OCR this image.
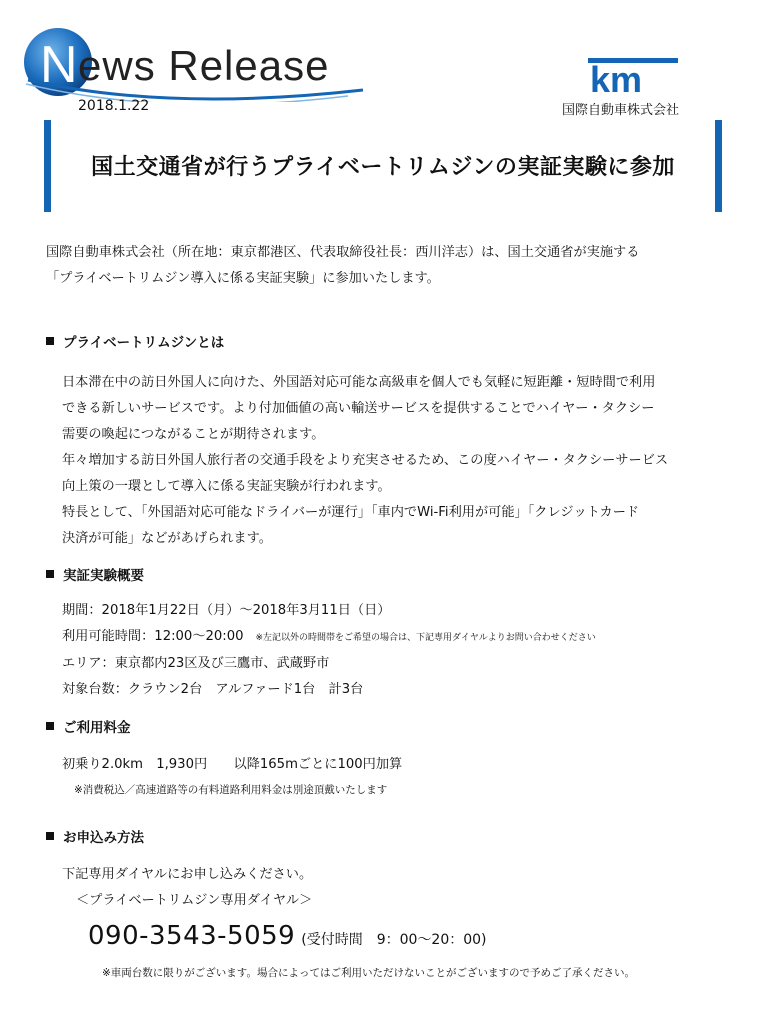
N ews Release
2018.1.22
km
国際自動車株式会社
国土交通省が行うプライベートリムジンの実証実験に参加
国際自動車株式会社（所在地：東京都港区、代表取締役社長：西川洋志）は、国土交通省が実施する
「プライベートリムジン導入に係る実証実験」に参加いたします。
プライベートリムジンとは
日本滞在中の訪日外国人に向けた、外国語対応可能な高級車を個人でも気軽に短距離・短時間で利用
できる新しいサービスです。より付加価値の高い輸送サービスを提供することでハイヤー・タクシー
需要の喚起につながることが期待されます。
年々増加する訪日外国人旅行者の交通手段をより充実させるため、この度ハイヤー・タクシーサービス
向上策の一環として導入に係る実証実験が行われます。
特長として、「外国語対応可能なドライバーが運行」「車内でWi-Fi利用が可能」「クレジットカード
決済が可能」などがあげられます。
実証実験概要
期間：2018年1月22日（月）～2018年3月11日（日）
利用可能時間：12:00～20:00 ※左記以外の時間帯をご希望の場合は、下記専用ダイヤルよりお問い合わせください
エリア：東京都内23区及び三鷹市、武蔵野市
対象台数：クラウン2台　アルファード1台　計3台
ご利用料金
初乗り2.0km　1,930円　　以降165mごとに100円加算
※消費税込／高速道路等の有料道路利用料金は別途頂戴いたします
お申込み方法
下記専用ダイヤルにお申し込みください。
＜プライベートリムジン専用ダイヤル＞
090-3543-5059 (受付時間　9：00～20：00)
※車両台数に限りがございます。場合によってはご利用いただけないことがございますので予めご了承ください。
